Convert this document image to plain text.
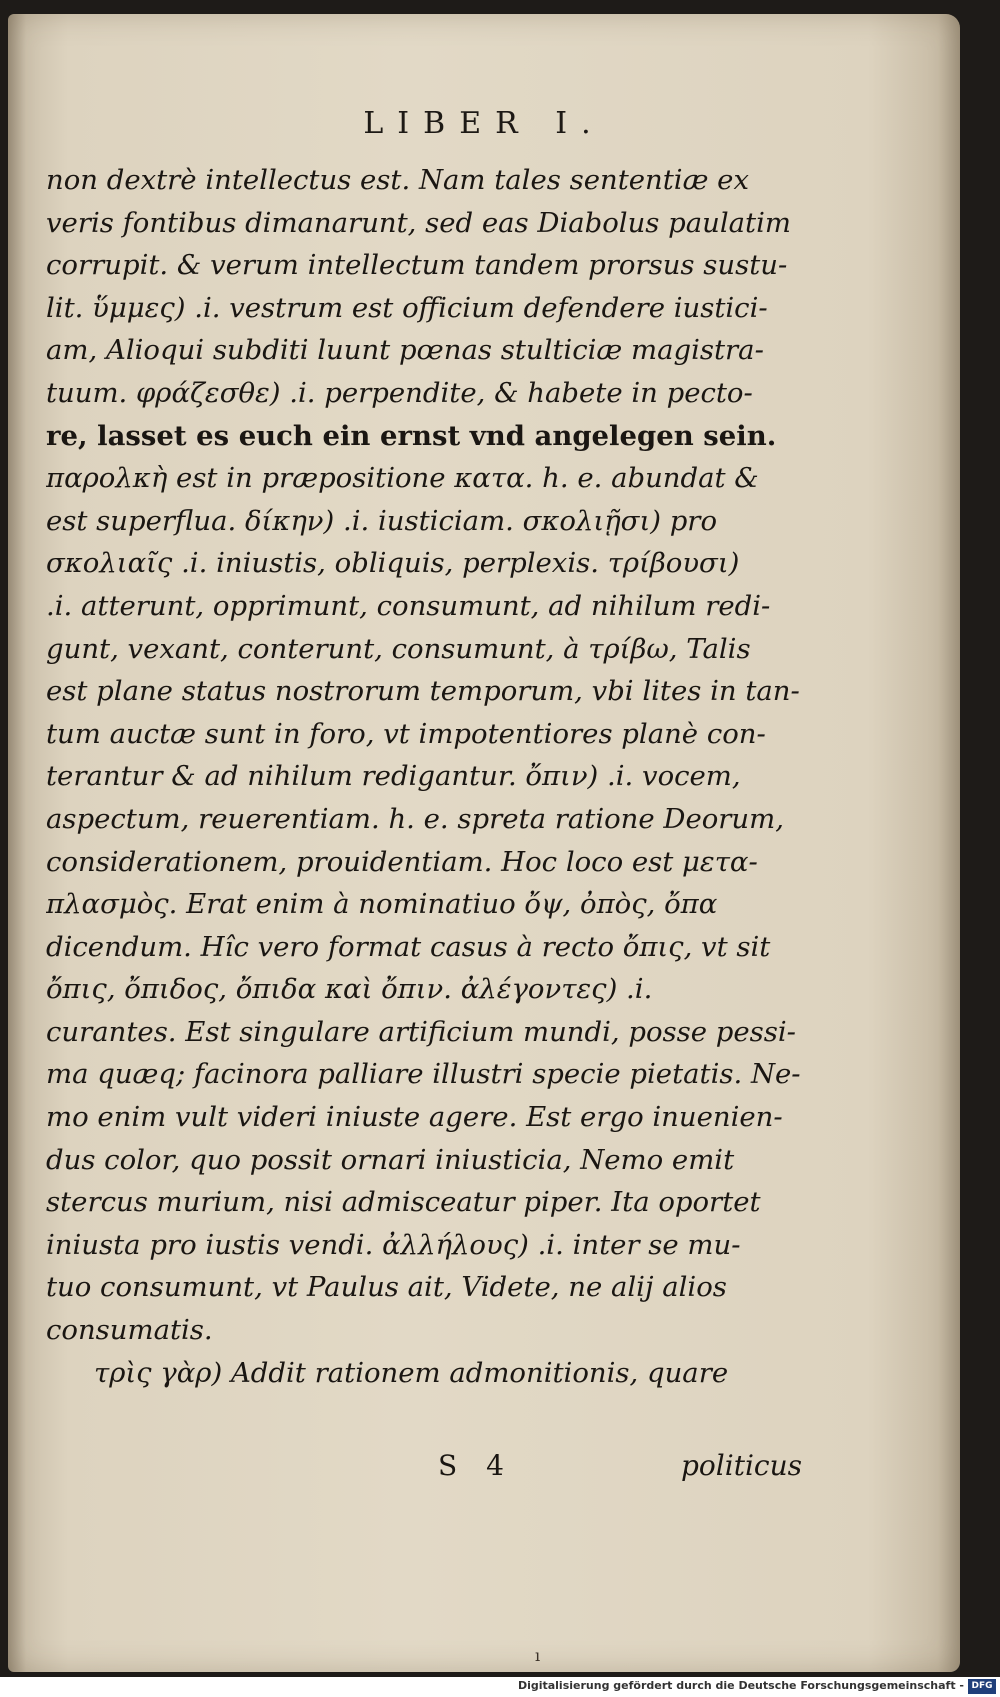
LIBER I.
non dextrè intellectus est. Nam tales sententiæ ex
veris fontibus dimanarunt, sed eas Diabolus paulatim
corrupit. & verum intellectum tandem prorsus sustu-
lit. ὕμμες) .i. vestrum est officium defendere iustici-
am, Alioqui subditi luunt pœnas stulticiæ magistra-
tuum. φράζεσθε) .i. perpendite, & habete in pecto-
re, lasset es euch ein ernst vnd angelegen sein.
παρολκὴ est in præpositione κατα. h. e. abundat &
est superflua. δίκην) .i. iusticiam. σκολιῇσι) pro
σκολιαῖς .i. iniustis, obliquis, perplexis. τρίβουσι)
.i. atterunt, opprimunt, consumunt, ad nihilum redi-
gunt, vexant, conterunt, consumunt, à τρίβω, Talis
est plane status nostrorum temporum, vbi lites in tan-
tum auctæ sunt in foro, vt impotentiores planè con-
terantur & ad nihilum redigantur. ὄπιν) .i. vocem,
aspectum, reuerentiam. h. e. spreta ratione Deorum,
considerationem, prouidentiam. Hoc loco est μετα-
πλασμὸς. Erat enim à nominatiuo ὄψ, ὀπὸς, ὄπα
dicendum. Hîc vero format casus à recto ὄπις, vt sit
ὄπις, ὄπιδος, ὄπιδα καὶ ὄπιν. ἀλέγοντες) .i.
curantes. Est singulare artificium mundi, posse pessi-
ma quæq; facinora palliare illustri specie pietatis. Ne-
mo enim vult videri iniuste agere. Est ergo inuenien-
dus color, quo possit ornari iniusticia, Nemo emit
stercus murium, nisi admisceatur piper. Ita oportet
iniusta pro iustis vendi. ἀλλήλους) .i. inter se mu-
tuo consumunt, vt Paulus ait, Videte, ne alij alios
consumatis.
τρὶς γὰρ) Addit rationem admonitionis, quare
S 4	politicus
ı
Digitalisierung gefördert durch die Deutsche Forschungsgemeinschaft - DFG
